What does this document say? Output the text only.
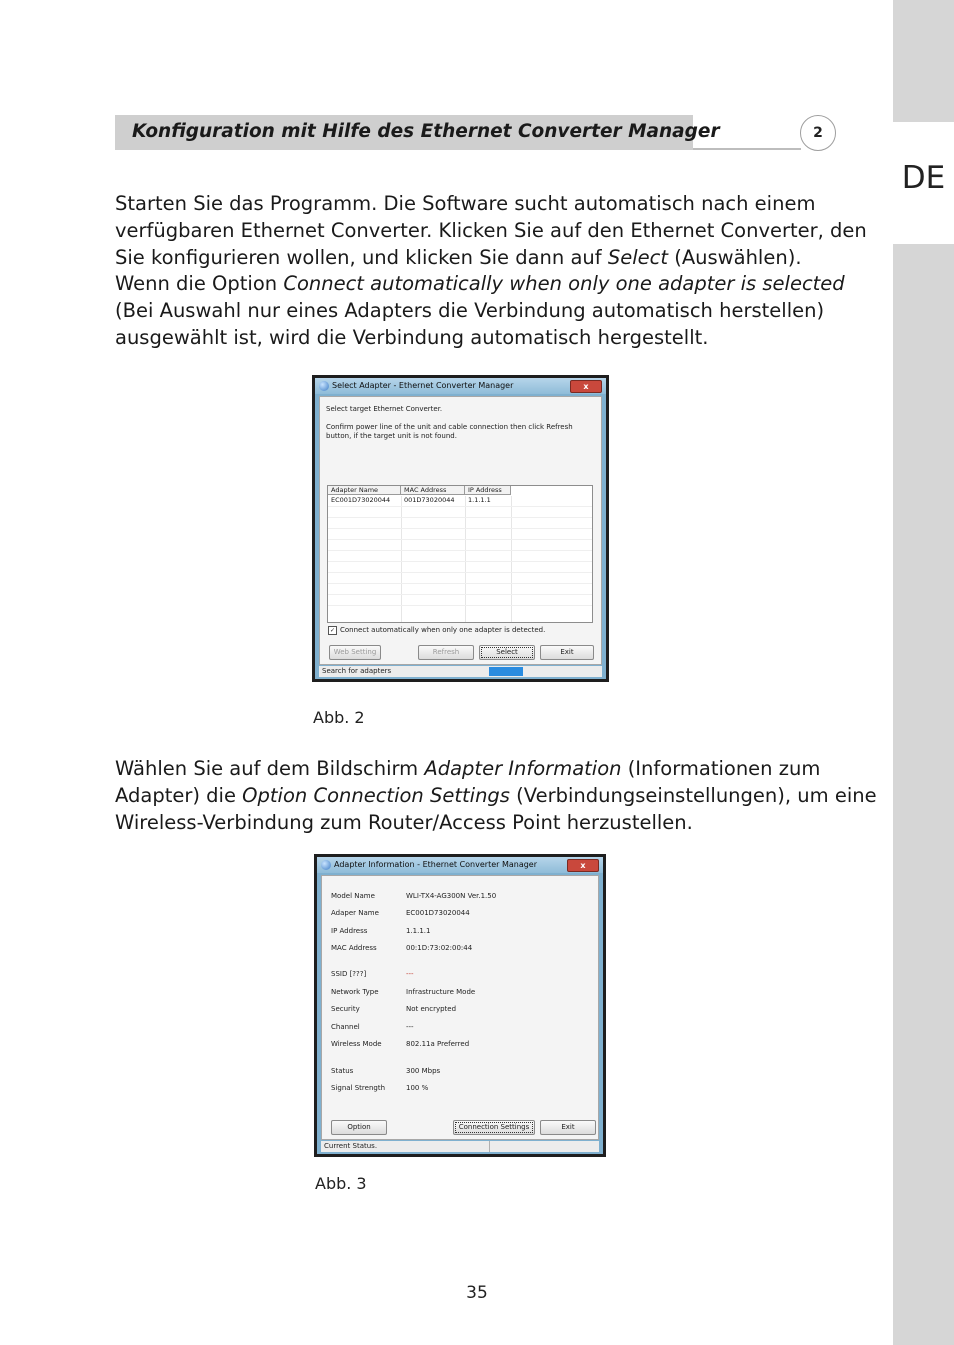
DE
Konfiguration mit Hilfe des Ethernet Converter Manager	2
Starten Sie das Programm. Die Software sucht automatisch nach einem
verfügbaren Ethernet Converter. Klicken Sie auf den Ethernet Converter, den
Sie konfigurieren wollen, und klicken Sie dann auf Select (Auswählen).
Wenn die Option Connect automatically when only one adapter is selected
(Bei Auswahl nur eines Adapters die Verbindung automatisch herstellen)
ausgewählt ist, wird die Verbindung automatisch hergestellt.
Select Adapter - Ethernet Converter Manager	x
Select target Ethernet Converter.
Confirm power line of the unit and cable connection then click Refresh
button, if the target unit is not found.
Adapter Name	MAC Address	IP Address
EC001D73020044 001D73020044 1.1.1.1
✓ Connect automatically when only one adapter is detected.
Web Setting	Refresh	Select	Exit
Search for adapters
Abb. 2
Wählen Sie auf dem Bildschirm Adapter Information (Informationen zum
Adapter) die Option Connection Settings (Verbindungseinstellungen), um eine
Wireless-Verbindung zum Router/Access Point herzustellen.
Adapter Information - Ethernet Converter Manager	x
Model Name	WLI-TX4-AG300N Ver.1.50
Adaper Name	EC001D73020044
IP Address	1.1.1.1
MAC Address	00:1D:73:02:00:44
SSID [???]	---
Network Type	Infrastructure Mode
Security	Not encrypted
Channel	---
Wireless Mode	802.11a Preferred
Status	300 Mbps
Signal Strength	100 %
Option	Connection Settings	Exit
Current Status.
Abb. 3
35
